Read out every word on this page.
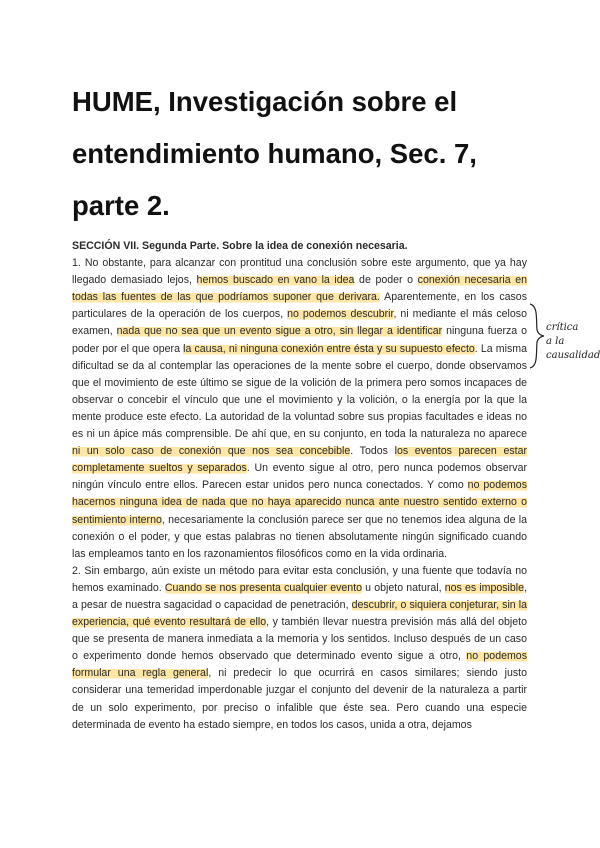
HUME, Investigación sobre el entendimiento humano, Sec. 7, parte 2.
SECCIÓN VII. Segunda Parte. Sobre la idea de conexión necesaria.

1. No obstante, para alcanzar con prontitud una conclusión sobre este argumento, que ya hay llegado demasiado lejos, hemos buscado en vano la idea de poder o conexión necesaria en todas las fuentes de las que podríamos suponer que derivara. Aparentemente, en los casos particulares de la operación de los cuerpos, no podemos descubrir, ni mediante el más celoso examen, nada que no sea que un evento sigue a otro, sin llegar a identificar ninguna fuerza o poder por el que opera la causa, ni ninguna conexión entre ésta y su supuesto efecto. La misma dificultad se da al contemplar las operaciones de la mente sobre el cuerpo, donde observamos que el movimiento de este último se sigue de la volición de la primera pero somos incapaces de observar o concebir el vínculo que une el movimiento y la volición, o la energía por la que la mente produce este efecto. La autoridad de la voluntad sobre sus propias facultades e ideas no es ni un ápice más comprensible. De ahí que, en su conjunto, en toda la naturaleza no aparece ni un solo caso de conexión que nos sea concebible. Todos los eventos parecen estar completamente sueltos y separados. Un evento sigue al otro, pero nunca podemos observar ningún vínculo entre ellos. Parecen estar unidos pero nunca conectados. Y como no podemos hacernos ninguna idea de nada que no haya aparecido nunca ante nuestro sentido externo o sentimiento interno, necesariamente la conclusión parece ser que no tenemos idea alguna de la conexión o el poder, y que estas palabras no tienen absolutamente ningún significado cuando las empleamos tanto en los razonamientos filosóficos como en la vida ordinaria.

2. Sin embargo, aún existe un método para evitar esta conclusión, y una fuente que todavía no hemos examinado. Cuando se nos presenta cualquier evento u objeto natural, nos es imposible, a pesar de nuestra sagacidad o capacidad de penetración, descubrir, o siquiera conjeturar, sin la experiencia, qué evento resultará de ello, y también llevar nuestra previsión más allá del objeto que se presenta de manera inmediata a la memoria y los sentidos. Incluso después de un caso o experimento donde hemos observado que determinado evento sigue a otro, no podemos formular una regla general, ni predecir lo que ocurrirá en casos similares; siendo justo considerar una temeridad imperdonable juzgar el conjunto del devenir de la naturaleza a partir de un solo experimento, por preciso o infalible que éste sea. Pero cuando una especie determinada de evento ha estado siempre, en todos los casos, unida a otra, dejamos

crítica
a la
causalidad
